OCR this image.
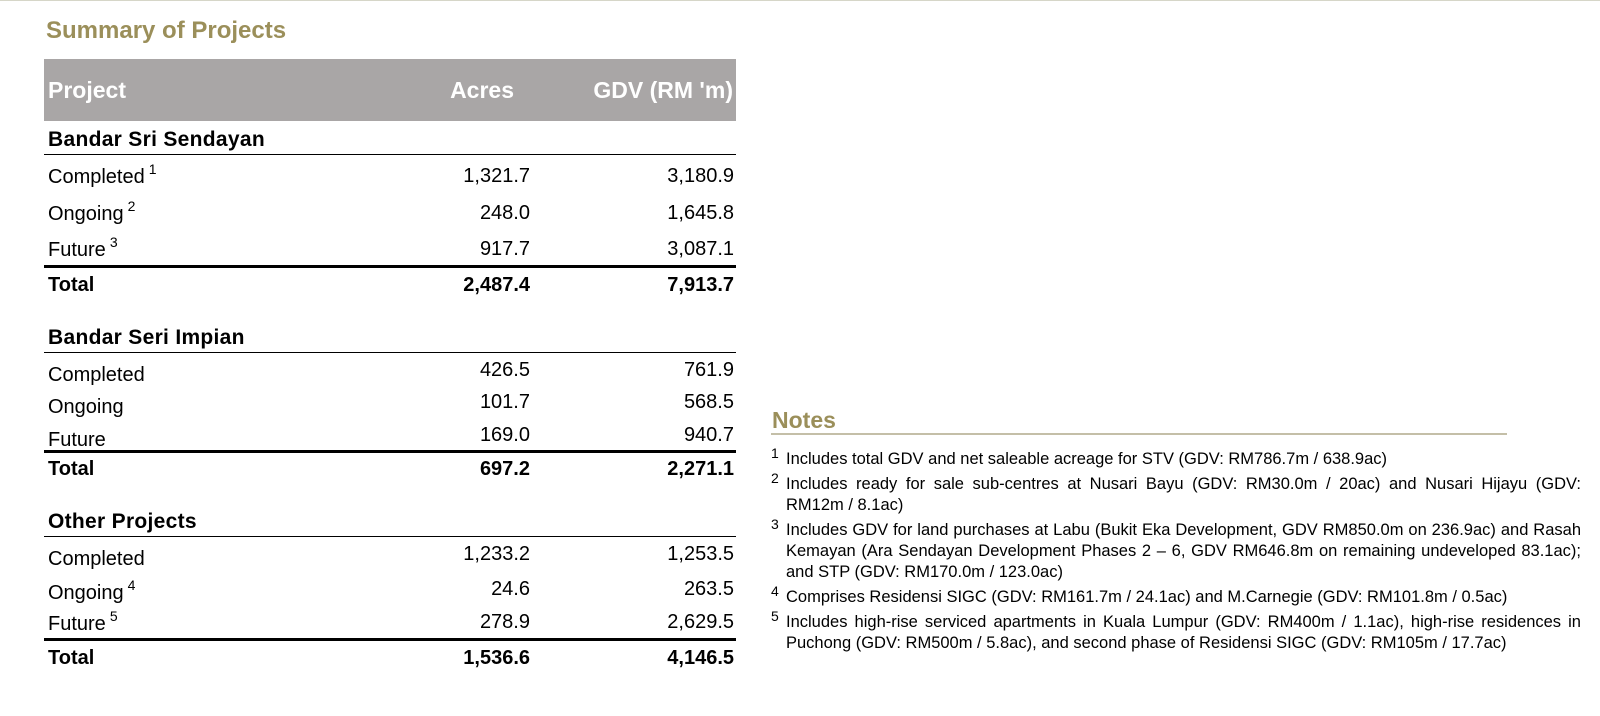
Summary of Projects
Project	Acres	GDV (RM 'm)
Bandar Sri Sendayan
Completed $^1$	1,321.7	3,180.9
Ongoing $^2$	248.0	1,645.8
Future $^3$	917.7	3,087.1
Total	2,487.4	7,913.7
Bandar Seri Impian
Completed	426.5	761.9
Ongoing	101.7	568.5
Future	169.0	940.7
Total	697.2	2,271.1
Other Projects
Completed	1,233.2	1,253.5
Ongoing $^4$	24.6	263.5
Future $^5$	278.9	2,629.5
Total	1,536.6	4,146.5
Notes
1 Includes total GDV and net saleable acreage for STV (GDV: RM786.7m / 638.9ac)
2 Includes ready for sale sub-centres at Nusari Bayu (GDV: RM30.0m / 20ac) and Nusari Hijayu (GDV: RM12m / 8.1ac)
3 Includes GDV for land purchases at Labu (Bukit Eka Development, GDV RM850.0m on 236.9ac) and Rasah Kemayan (Ara Sendayan Development Phases 2 – 6, GDV RM646.8m on remaining undeveloped 83.1ac); and STP (GDV: RM170.0m / 123.0ac)
4 Comprises Residensi SIGC (GDV: RM161.7m / 24.1ac) and M.Carnegie (GDV: RM101.8m / 0.5ac)
5 Includes high-rise serviced apartments in Kuala Lumpur (GDV: RM400m / 1.1ac), high-rise residences in Puchong (GDV: RM500m / 5.8ac), and second phase of Residensi SIGC (GDV: RM105m / 17.7ac)
